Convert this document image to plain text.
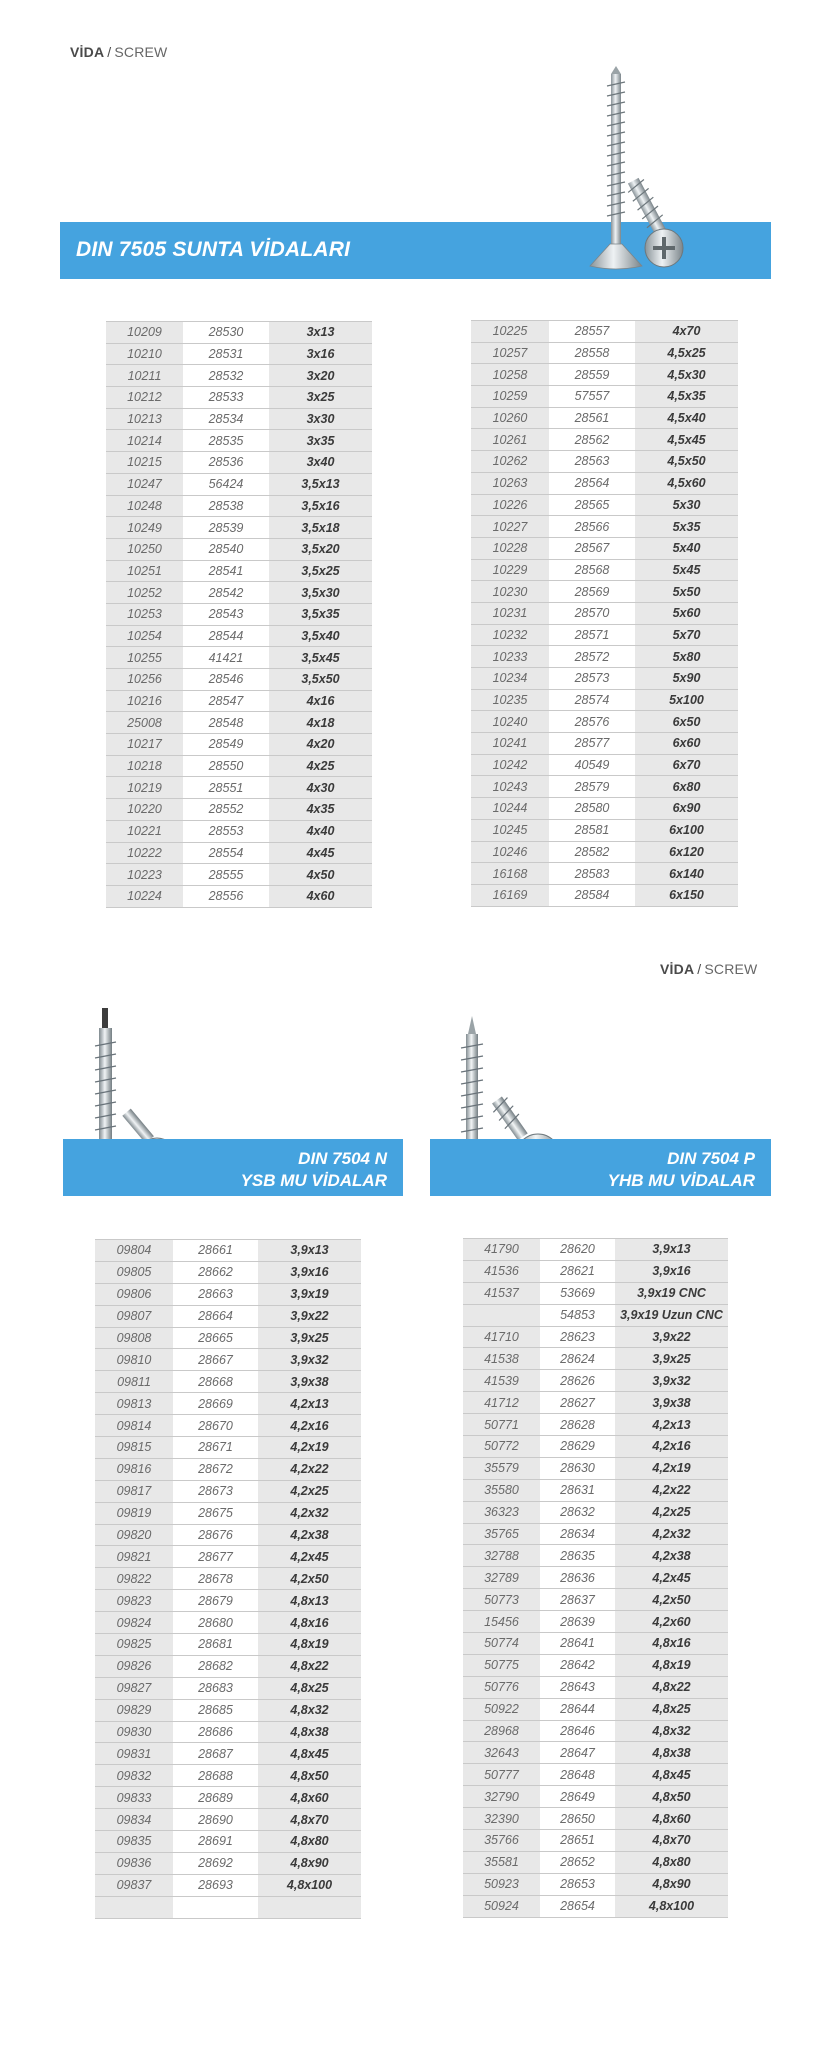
VİDA / SCREW
DIN 7505 SUNTA VİDALARI
10209	28530	3x13
10210	28531	3x16
10211	28532	3x20
10212	28533	3x25
10213	28534	3x30
10214	28535	3x35
10215	28536	3x40
10247	56424	3,5x13
10248	28538	3,5x16
10249	28539	3,5x18
10250	28540	3,5x20
10251	28541	3,5x25
10252	28542	3,5x30
10253	28543	3,5x35
10254	28544	3,5x40
10255	41421	3,5x45
10256	28546	3,5x50
10216	28547	4x16
25008	28548	4x18
10217	28549	4x20
10218	28550	4x25
10219	28551	4x30
10220	28552	4x35
10221	28553	4x40
10222	28554	4x45
10223	28555	4x50
10224	28556	4x60
10225	28557	4x70
10257	28558	4,5x25
10258	28559	4,5x30
10259	57557	4,5x35
10260	28561	4,5x40
10261	28562	4,5x45
10262	28563	4,5x50
10263	28564	4,5x60
10226	28565	5x30
10227	28566	5x35
10228	28567	5x40
10229	28568	5x45
10230	28569	5x50
10231	28570	5x60
10232	28571	5x70
10233	28572	5x80
10234	28573	5x90
10235	28574	5x100
10240	28576	6x50
10241	28577	6x60
10242	40549	6x70
10243	28579	6x80
10244	28580	6x90
10245	28581	6x100
10246	28582	6x120
16168	28583	6x140
16169	28584	6x150
VİDA / SCREW
DIN 7504 N
YSB MU VİDALAR
DIN 7504 P
YHB MU VİDALAR
09804	28661	3,9x13
09805	28662	3,9x16
09806	28663	3,9x19
09807	28664	3,9x22
09808	28665	3,9x25
09810	28667	3,9x32
09811	28668	3,9x38
09813	28669	4,2x13
09814	28670	4,2x16
09815	28671	4,2x19
09816	28672	4,2x22
09817	28673	4,2x25
09819	28675	4,2x32
09820	28676	4,2x38
09821	28677	4,2x45
09822	28678	4,2x50
09823	28679	4,8x13
09824	28680	4,8x16
09825	28681	4,8x19
09826	28682	4,8x22
09827	28683	4,8x25
09829	28685	4,8x32
09830	28686	4,8x38
09831	28687	4,8x45
09832	28688	4,8x50
09833	28689	4,8x60
09834	28690	4,8x70
09835	28691	4,8x80
09836	28692	4,8x90
09837	28693	4,8x100

41790	28620	3,9x13
41536	28621	3,9x16
41537	53669	3,9x19 CNC
	54853	3,9x19 Uzun CNC
41710	28623	3,9x22
41538	28624	3,9x25
41539	28626	3,9x32
41712	28627	3,9x38
50771	28628	4,2x13
50772	28629	4,2x16
35579	28630	4,2x19
35580	28631	4,2x22
36323	28632	4,2x25
35765	28634	4,2x32
32788	28635	4,2x38
32789	28636	4,2x45
50773	28637	4,2x50
15456	28639	4,2x60
50774	28641	4,8x16
50775	28642	4,8x19
50776	28643	4,8x22
50922	28644	4,8x25
28968	28646	4,8x32
32643	28647	4,8x38
50777	28648	4,8x45
32790	28649	4,8x50
32390	28650	4,8x60
35766	28651	4,8x70
35581	28652	4,8x80
50923	28653	4,8x90
50924	28654	4,8x100
